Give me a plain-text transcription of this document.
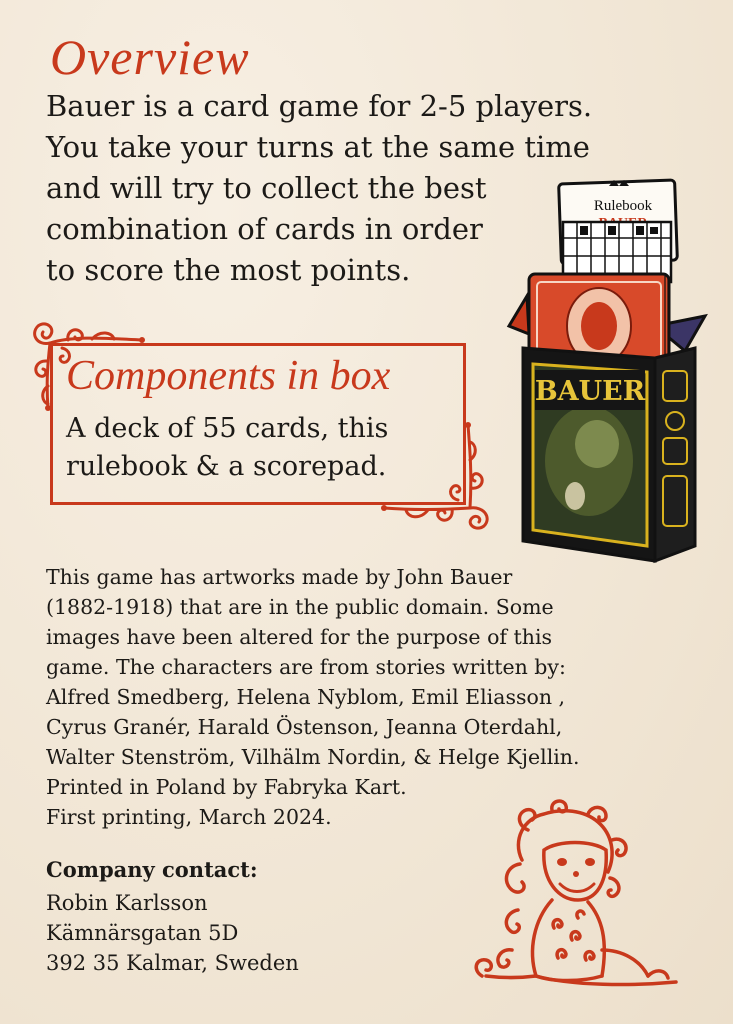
Overview

Bauer is a card game for 2-5 players.
You take your turns at the same time
and will try to collect the best
combination of cards in order
to score the most points.

Components in box

A deck of 55 cards, this
rulebook & a scorepad.

Rulebook
BAUER

This game has artworks made by John Bauer
(1882-1918) that are in the public domain. Some
images have been altered for the purpose of this
game. The characters are from stories written by:
Alfred Smedberg, Helena Nyblom, Emil Eliasson ,
Cyrus Granér, Harald Östenson, Jeanna Oterdahl,
Walter Stenström, Vilhälm Nordin, & Helge Kjellin.
Printed in Poland by Fabryka Kart.
First printing, March 2024.

Company contact:

Robin Karlsson
Kämnärsgatan 5D
392 35 Kalmar, Sweden
